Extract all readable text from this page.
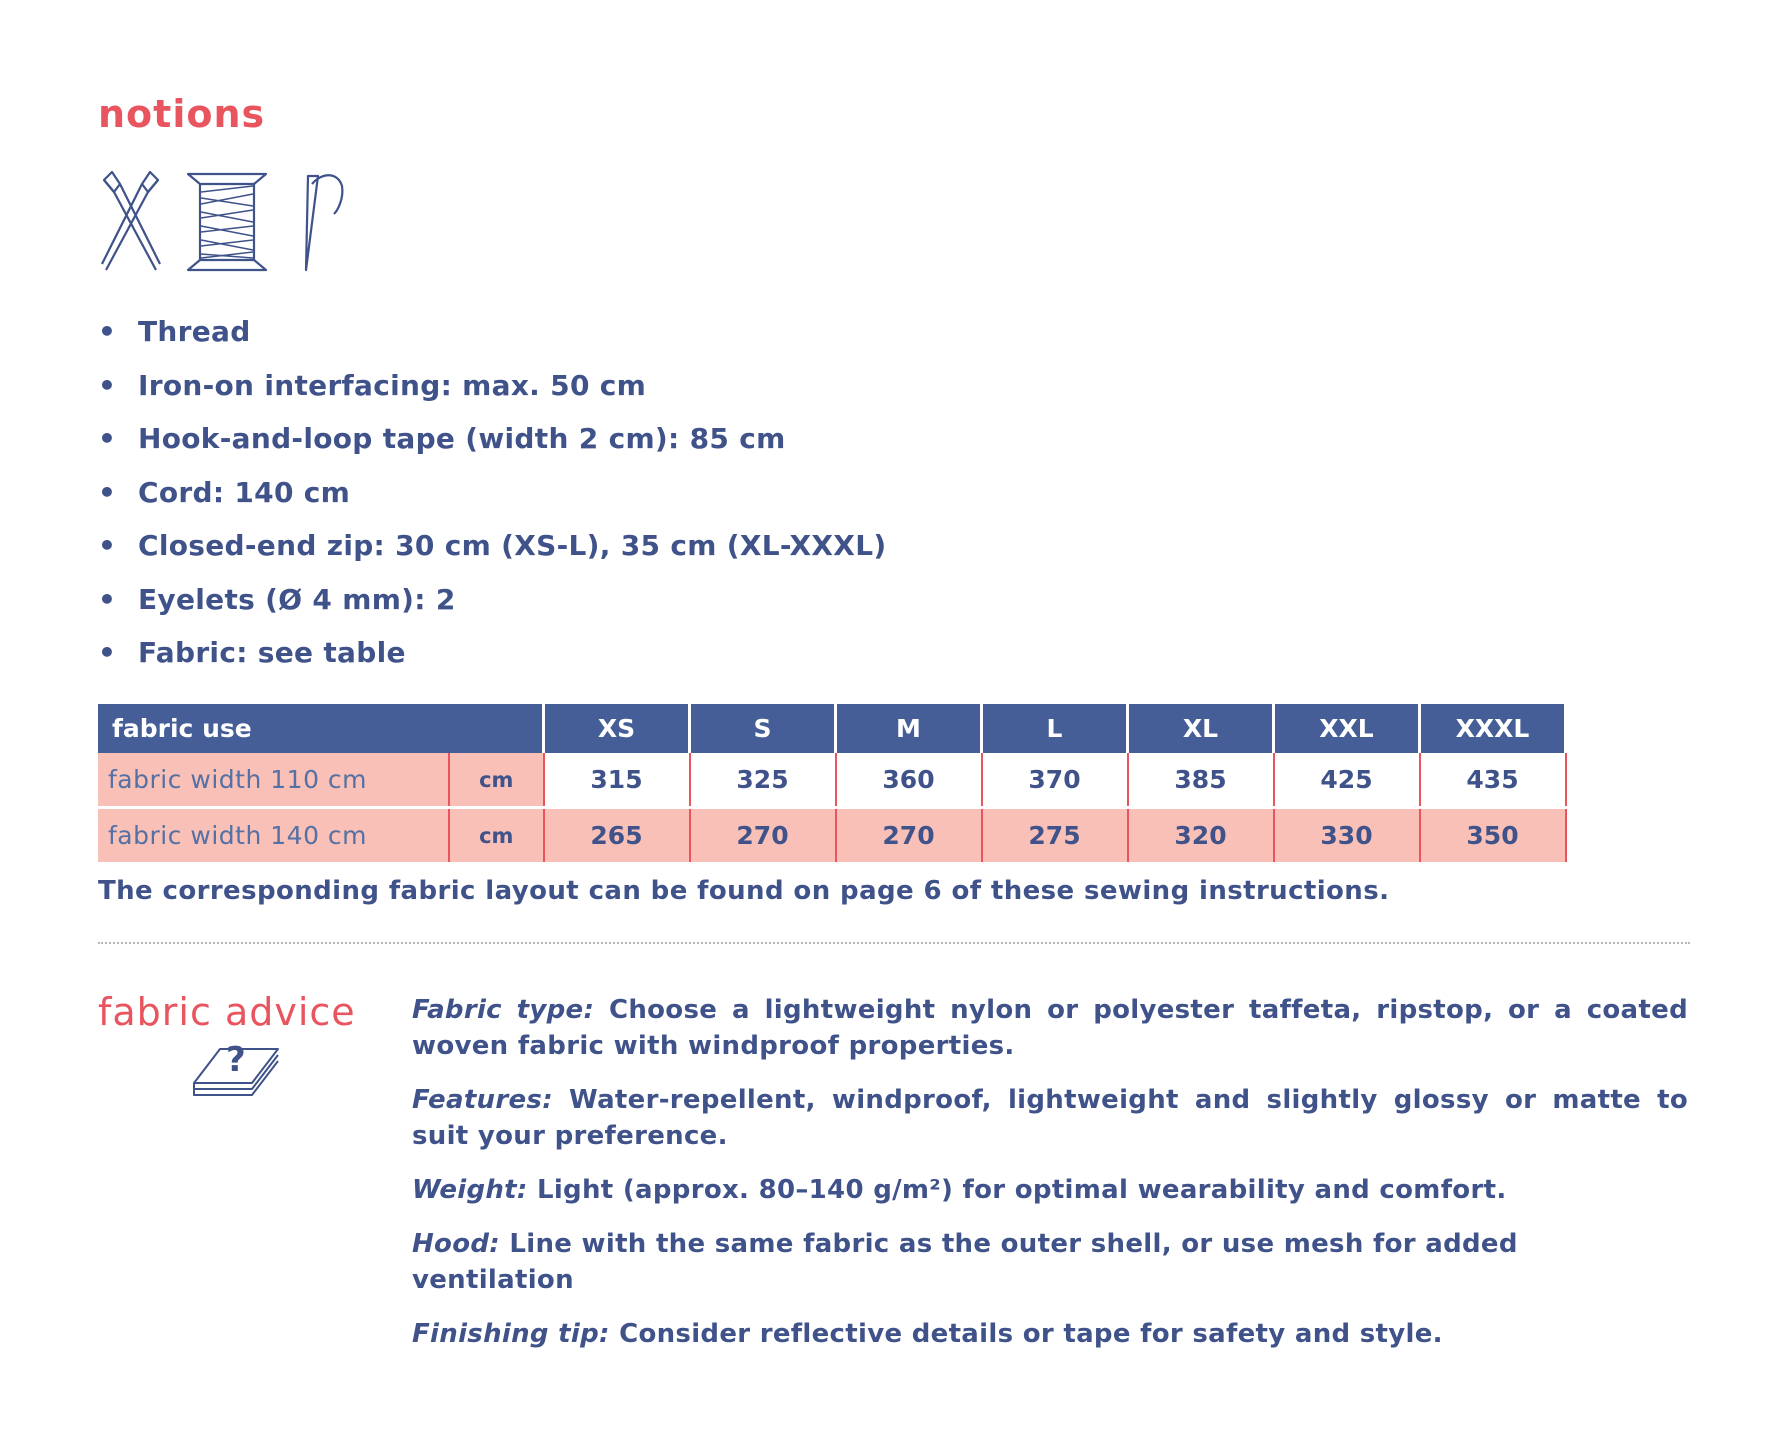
notions
• Thread
• Iron-on interfacing: max. 50 cm
• Hook-and-loop tape (width 2 cm): 85 cm
• Cord: 140 cm
• Closed-end zip: 30 cm (XS-L), 35 cm (XL-XXXL)
• Eyelets (Ø 4 mm): 2
• Fabric: see table
fabric use		XS	S	M	L	XL	XXL	XXXL
fabric width 110 cm	cm	315	325	360	370	385	425	435
fabric width 140 cm	cm	265	270	270	275	320	330	350

The corresponding fabric layout can be found on page 6 of these sewing instructions.

fabric advice
?

Fabric type: Choose a lightweight nylon or polyester taffeta, ripstop, or a coated woven fabric with windproof properties.

Features: Water-repellent, windproof, lightweight and slightly glossy or matte to suit your preference.

Weight: Light (approx. 80–140 g/m²) for optimal wearability and comfort.

Hood: Line with the same fabric as the outer shell, or use mesh for added ventilation

Finishing tip: Consider reflective details or tape for safety and style.
